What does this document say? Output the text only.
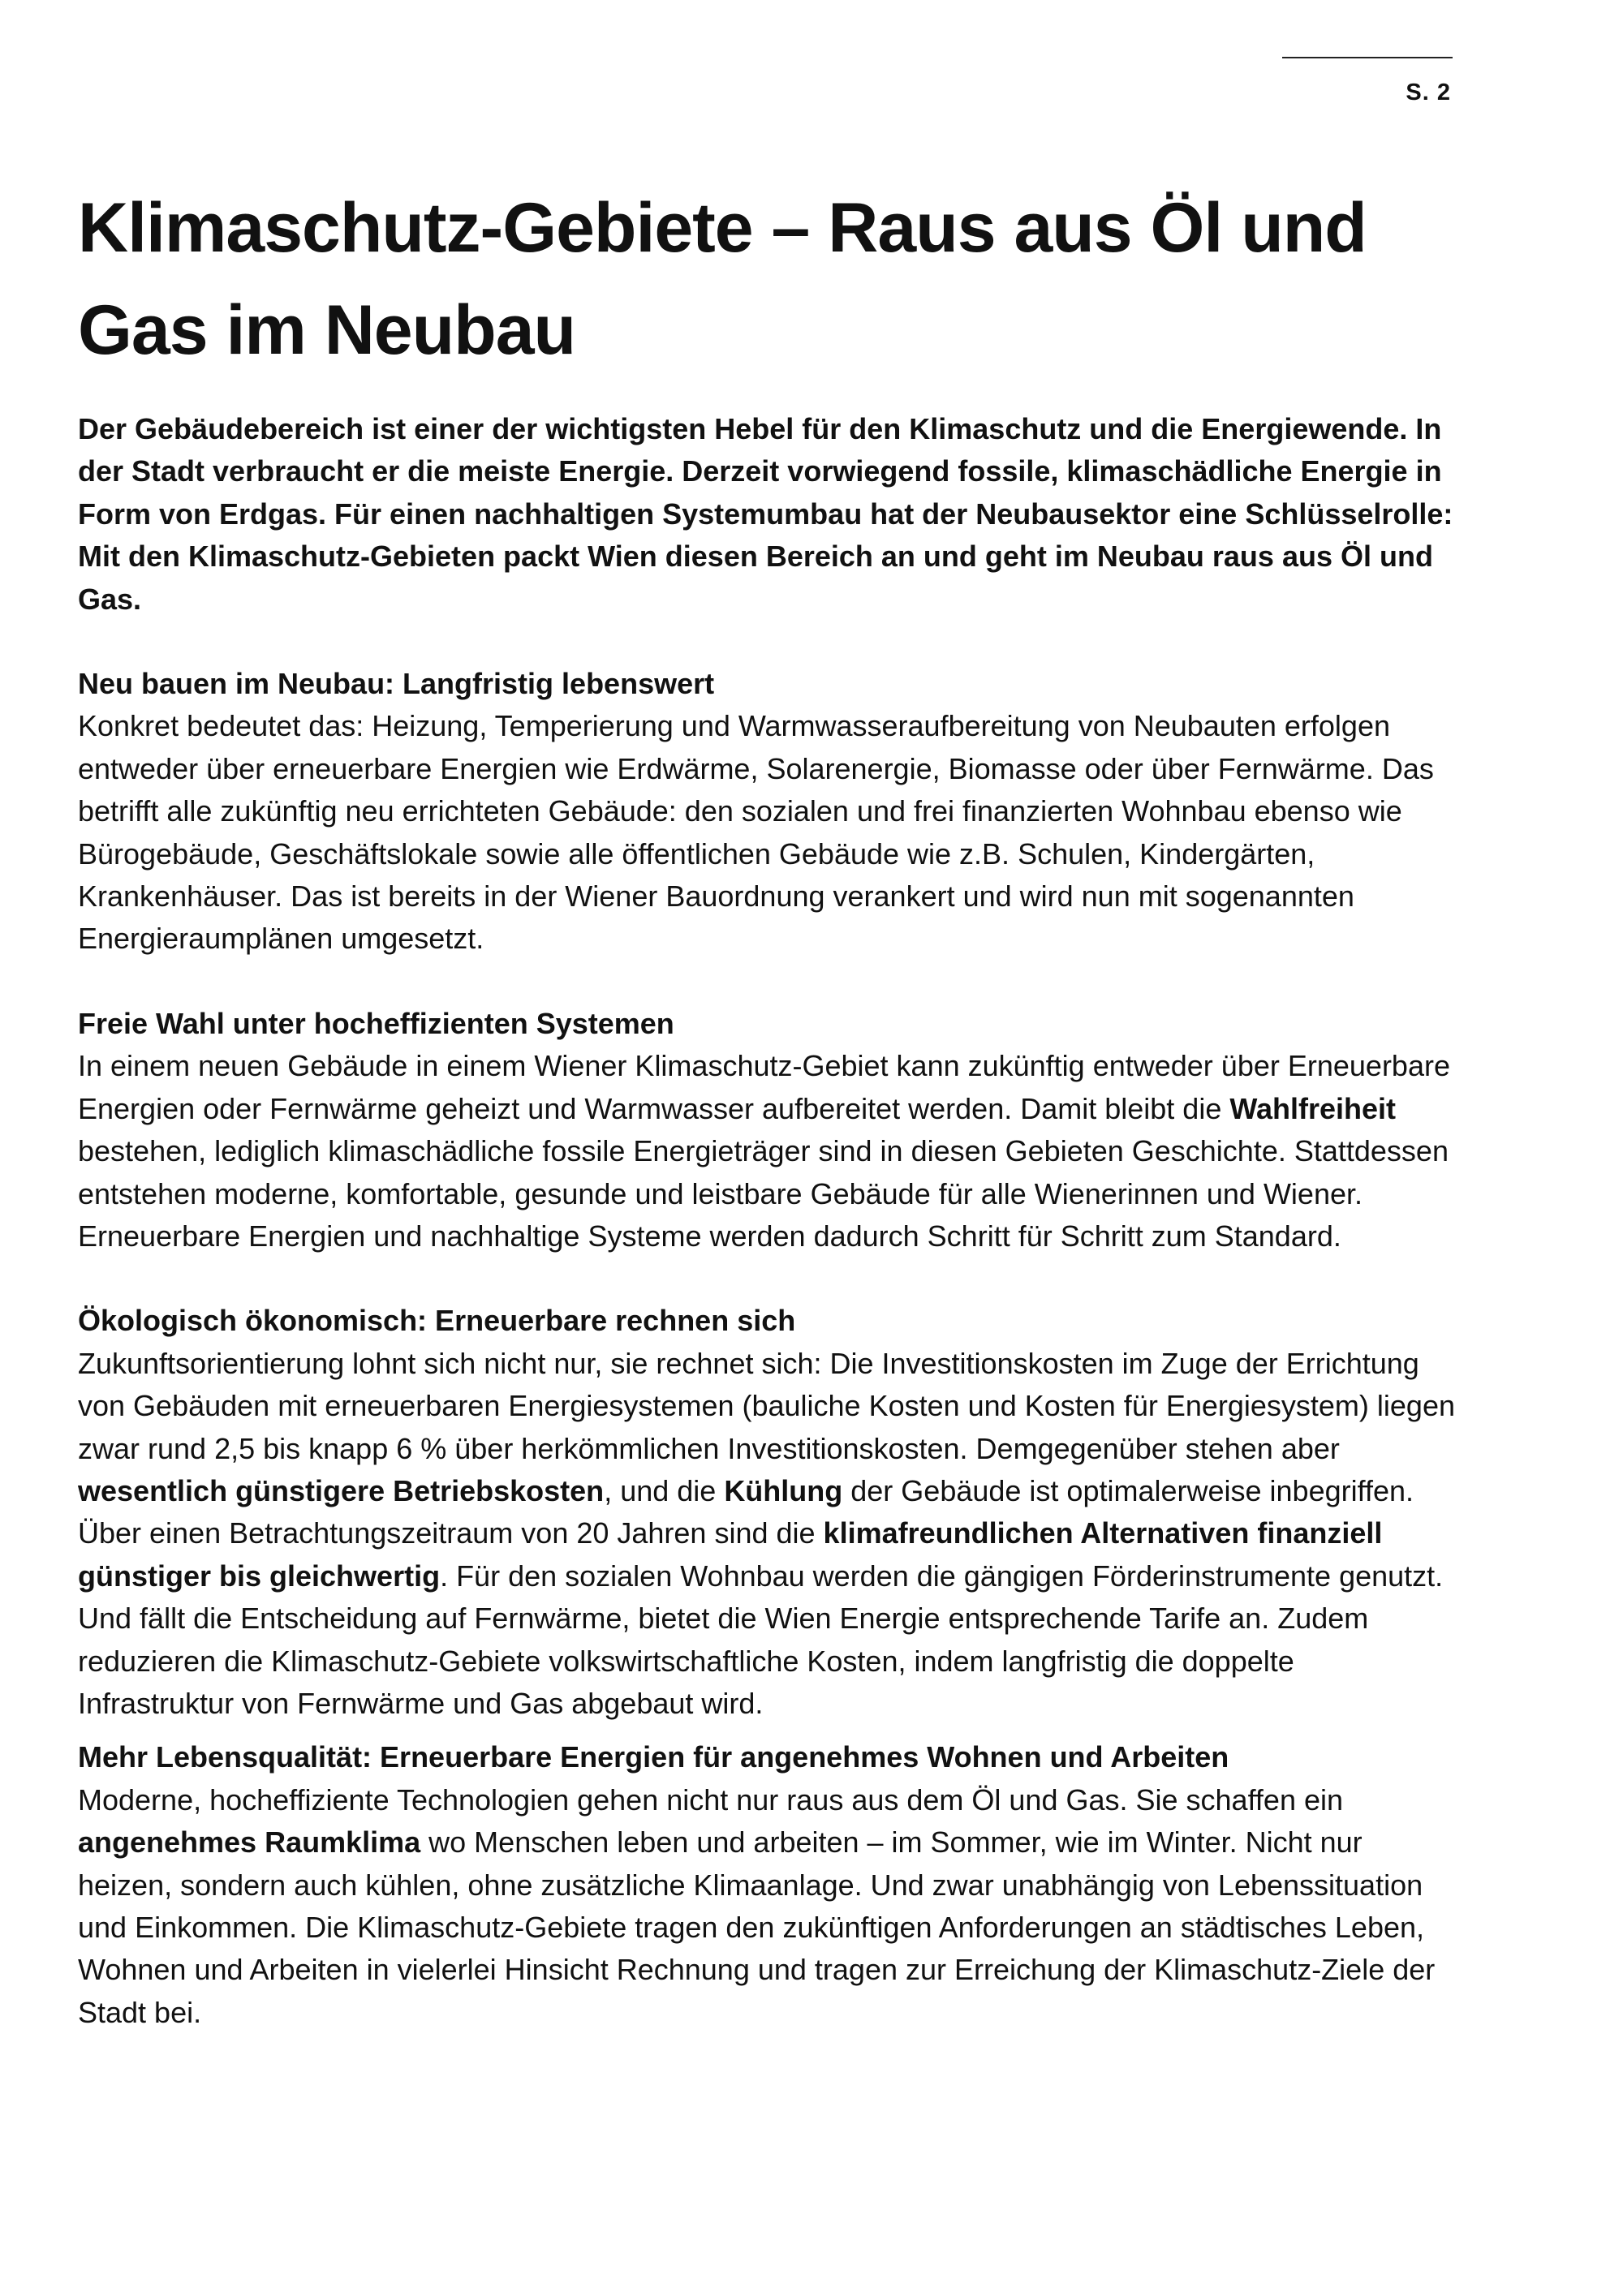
S. 2
Klimaschutz-Gebiete – Raus aus Öl und Gas im Neubau

Der Gebäudebereich ist einer der wichtigsten Hebel für den Klimaschutz und die Energiewende. In der Stadt verbraucht er die meiste Energie. Derzeit vorwiegend fossile, klimaschädliche Energie in Form von Erdgas. Für einen nachhaltigen Systemumbau hat der Neubausektor eine Schlüsselrolle: Mit den Klimaschutz-Gebieten packt Wien diesen Bereich an und geht im Neubau raus aus Öl und Gas.

Neu bauen im Neubau: Langfristig lebenswert

Konkret bedeutet das: Heizung, Temperierung und Warmwasseraufbereitung von Neubauten erfolgen entweder über erneuerbare Energien wie Erdwärme, Solarenergie, Biomasse oder über Fernwärme. Das betrifft alle zukünftig neu errichteten Gebäude: den sozialen und frei finanzierten Wohnbau ebenso wie Bürogebäude, Geschäftslokale sowie alle öffentlichen Gebäude wie z.B. Schulen, Kindergärten, Krankenhäuser. Das ist bereits in der Wiener Bauordnung verankert und wird nun mit sogenannten Energieraumplänen umgesetzt.

Freie Wahl unter hocheffizienten Systemen

In einem neuen Gebäude in einem Wiener Klimaschutz-Gebiet kann zukünftig entweder über Erneuerbare Energien oder Fernwärme geheizt und Warmwasser aufbereitet werden. Damit bleibt die Wahlfreiheit bestehen, lediglich klimaschädliche fossile Energieträger sind in diesen Gebieten Geschichte. Stattdessen entstehen moderne, komfortable, gesunde und leistbare Gebäude für alle Wienerinnen und Wiener. Erneuerbare Energien und nachhaltige Systeme werden dadurch Schritt für Schritt zum Standard.

Ökologisch ökonomisch: Erneuerbare rechnen sich

Zukunftsorientierung lohnt sich nicht nur, sie rechnet sich: Die Investitionskosten im Zuge der Errichtung von Gebäuden mit erneuerbaren Energiesystemen (bauliche Kosten und Kosten für Energiesystem) liegen zwar rund 2,5 bis knapp 6 % über herkömmlichen Investitionskosten. Demgegenüber stehen aber wesentlich günstigere Betriebskosten, und die Kühlung der Gebäude ist optimalerweise inbegriffen. Über einen Betrachtungszeitraum von 20 Jahren sind die klimafreundlichen Alternativen finanziell günstiger bis gleichwertig. Für den sozialen Wohnbau werden die gängigen Förderinstrumente genutzt. Und fällt die Entscheidung auf Fernwärme, bietet die Wien Energie entsprechende Tarife an. Zudem reduzieren die Klimaschutz-Gebiete volkswirtschaftliche Kosten, indem langfristig die doppelte Infrastruktur von Fernwärme und Gas abgebaut wird.

Mehr Lebensqualität: Erneuerbare Energien für angenehmes Wohnen und Arbeiten

Moderne, hocheffiziente Technologien gehen nicht nur raus aus dem Öl und Gas. Sie schaffen ein angenehmes Raumklima wo Menschen leben und arbeiten – im Sommer, wie im Winter. Nicht nur heizen, sondern auch kühlen, ohne zusätzliche Klimaanlage. Und zwar unabhängig von Lebenssituation und Einkommen. Die Klimaschutz-Gebiete tragen den zukünftigen Anforderungen an städtisches Leben, Wohnen und Arbeiten in vielerlei Hinsicht Rechnung und tragen zur Erreichung der Klimaschutz-Ziele der Stadt bei.
